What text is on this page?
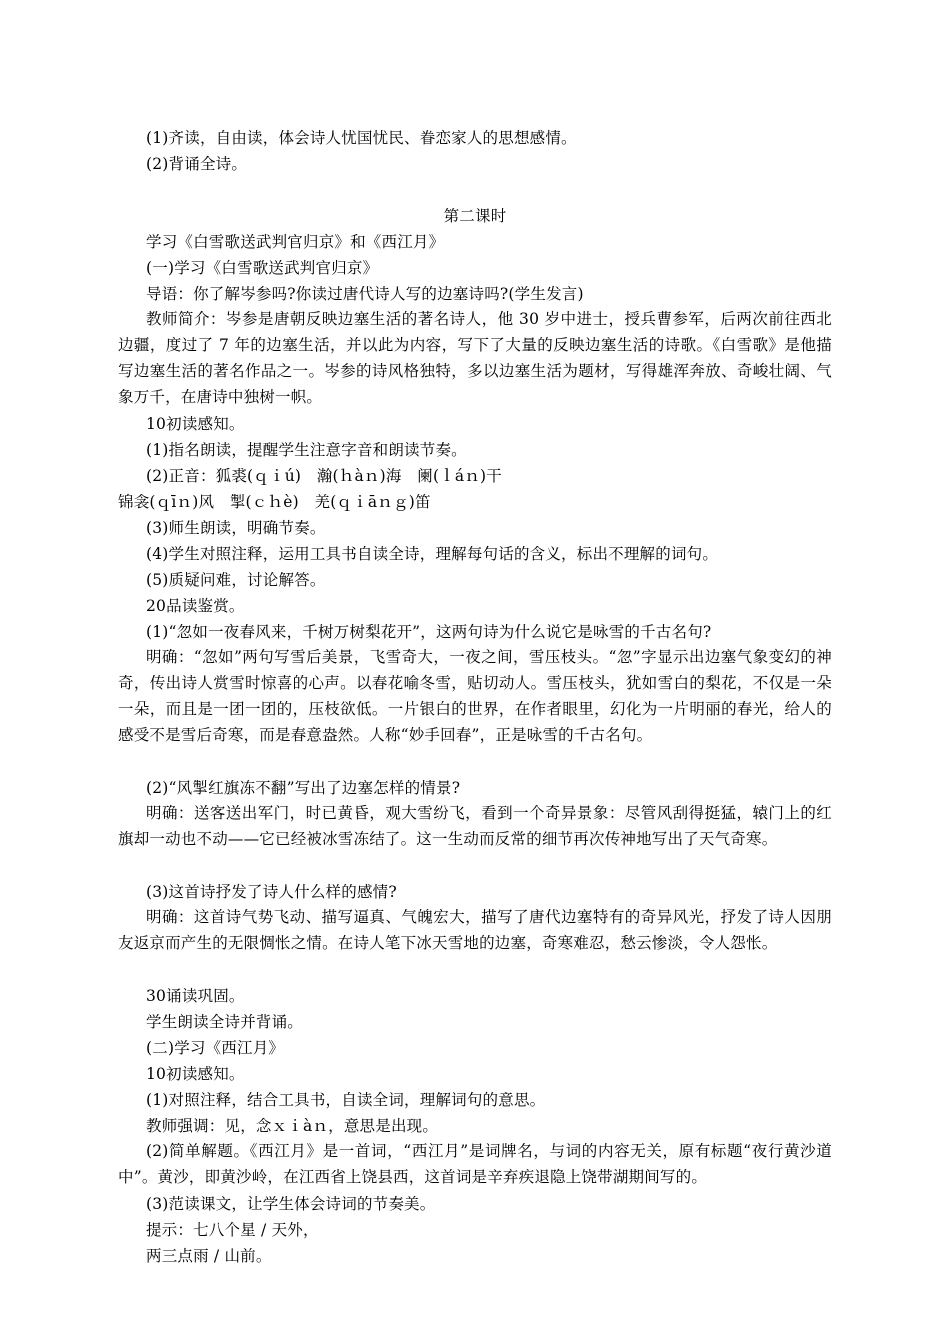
(1)齐读，自由读，体会诗人忧国忧民、眷恋家人的思想感情。
(2)背诵全诗。
第二课时
学习《白雪歌送武判官归京》和《西江月》
(一)学习《白雪歌送武判官归京》
导语：你了解岑参吗?你读过唐代诗人写的边塞诗吗?(学生发言)
教师简介：岑参是唐朝反映边塞生活的著名诗人，他 30 岁中进士，授兵曹参军，后两次前往西北边疆，度过了 7 年的边塞生活，并以此为内容，写下了大量的反映边塞生活的诗歌。《白雪歌》是他描写边塞生活的著名作品之一。岑参的诗风格独特，多以边塞生活为题材，写得雄浑奔放、奇峻壮阔、气象万千，在唐诗中独树一帜。
10初读感知。
(1)指名朗读，提醒学生注意字音和朗读节奏。
(2)正音：狐裘(ｑｉú)　瀚(ｈàｎ)海　阑(ｌáｎ)干
锦衾(ｑīｎ)风　掣(ｃｈè)　羌(ｑｉāｎｇ)笛
(3)师生朗读，明确节奏。
(4)学生对照注释，运用工具书自读全诗，理解每句话的含义，标出不理解的词句。
(5)质疑问难，讨论解答。
20品读鉴赏。
(1)“忽如一夜春风来，千树万树梨花开”，这两句诗为什么说它是咏雪的千古名句?
明确：“忽如”两句写雪后美景，飞雪奇大，一夜之间，雪压枝头。“忽”字显示出边塞气象变幻的神奇，传出诗人赏雪时惊喜的心声。以春花喻冬雪，贴切动人。雪压枝头，犹如雪白的梨花，不仅是一朵一朵，而且是一团一团的，压枝欲低。一片银白的世界，在作者眼里，幻化为一片明丽的春光，给人的感受不是雪后奇寒，而是春意盎然。人称“妙手回春”，正是咏雪的千古名句。
(2)“风掣红旗冻不翻”写出了边塞怎样的情景?
明确：送客送出军门，时已黄昏，观大雪纷飞，看到一个奇异景象：尽管风刮得挺猛，辕门上的红旗却一动也不动——它已经被冰雪冻结了。这一生动而反常的细节再次传神地写出了天气奇寒。
(3)这首诗抒发了诗人什么样的感情?
明确：这首诗气势飞动、描写逼真、气魄宏大，描写了唐代边塞特有的奇异风光，抒发了诗人因朋友返京而产生的无限惆怅之情。在诗人笔下冰天雪地的边塞，奇寒难忍，愁云惨淡，令人怨怅。
30诵读巩固。
学生朗读全诗并背诵。
(二)学习《西江月》
10初读感知。
(1)对照注释，结合工具书，自读全词，理解词句的意思。
教师强调：见，念ｘｉàｎ，意思是出现。
(2)简单解题。《西江月》是一首词，“西江月”是词牌名，与词的内容无关，原有标题“夜行黄沙道中”。黄沙，即黄沙岭，在江西省上饶县西，这首词是辛弃疾退隐上饶带湖期间写的。
(3)范读课文，让学生体会诗词的节奏美。
提示：七八个星 / 天外，
两三点雨 / 山前。
